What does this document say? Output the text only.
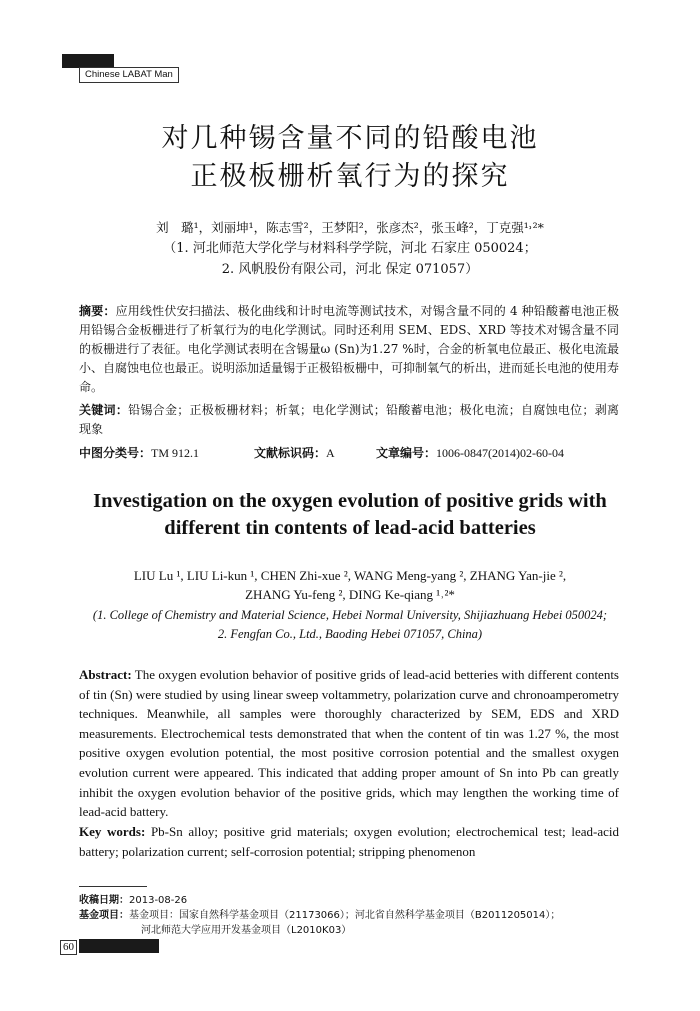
Chinese LABAT Man
对几种锡含量不同的铅酸电池
正极板栅析氧行为的探究
刘　璐¹，刘丽坤¹，陈志雪²，王梦阳²，张彦杰²，张玉峰²，丁克强¹˒²*
（1. 河北师范大学化学与材料科学学院，河北 石家庄 050024；
2. 风帆股份有限公司，河北 保定 071057）
摘要：应用线性伏安扫描法、极化曲线和计时电流等测试技术，对锡含量不同的 4 种铅酸蓄电池正极用铅锡合金板栅进行了析氧行为的电化学测试。同时还利用 SEM、EDS、XRD 等技术对锡含量不同的板栅进行了表征。电化学测试表明在含锡量ω (Sn)为1.27 %时，合金的析氧电位最正、极化电流最小、自腐蚀电位也最正。说明添加适量锡于正极铅板栅中，可抑制氧气的析出，进而延长电池的使用寿命。
关键词：铅锡合金；正极板栅材料；析氧；电化学测试；铅酸蓄电池；极化电流；自腐蚀电位；剥离现象
中图分类号：TM 912.1	文献标识码：A	文章编号：1006-0847(2014)02-60-04
Investigation on the oxygen evolution of positive grids with
different tin contents of lead-acid batteries
LIU Lu ¹, LIU Li-kun ¹, CHEN Zhi-xue ², WANG Meng-yang ², ZHANG Yan-jie ²,
ZHANG Yu-feng ², DING Ke-qiang ¹˒²*
(1. College of Chemistry and Material Science, Hebei Normal University, Shijiazhuang Hebei 050024;
2. Fengfan Co., Ltd., Baoding Hebei 071057, China)
Abstract: The oxygen evolution behavior of positive grids of lead-acid betteries with different contents of tin (Sn) were studied by using linear sweep voltammetry, polarization curve and chronoamperometry techniques. Meanwhile, all samples were thoroughly characterized by SEM, EDS and XRD measurements. Electrochemical tests demonstrated that when the content of tin was 1.27 %, the most positive oxygen evolution potential, the most positive corrosion potential and the smallest oxygen evolution current were appeared. This indicated that adding proper amount of Sn into Pb can greatly inhibit the oxygen evolution behavior of the positive grids, which may lengthen the working time of lead-acid battery.
Key words: Pb-Sn alloy; positive grid materials; oxygen evolution; electrochemical test; lead-acid battery; polarization current; self-corrosion potential; stripping phenomenon
收稿日期：2013-08-26
基金项目：基金项目：国家自然科学基金项目（21173066）；河北省自然科学基金项目（B2011205014）；
河北师范大学应用开发基金项目（L2010K03）
60
